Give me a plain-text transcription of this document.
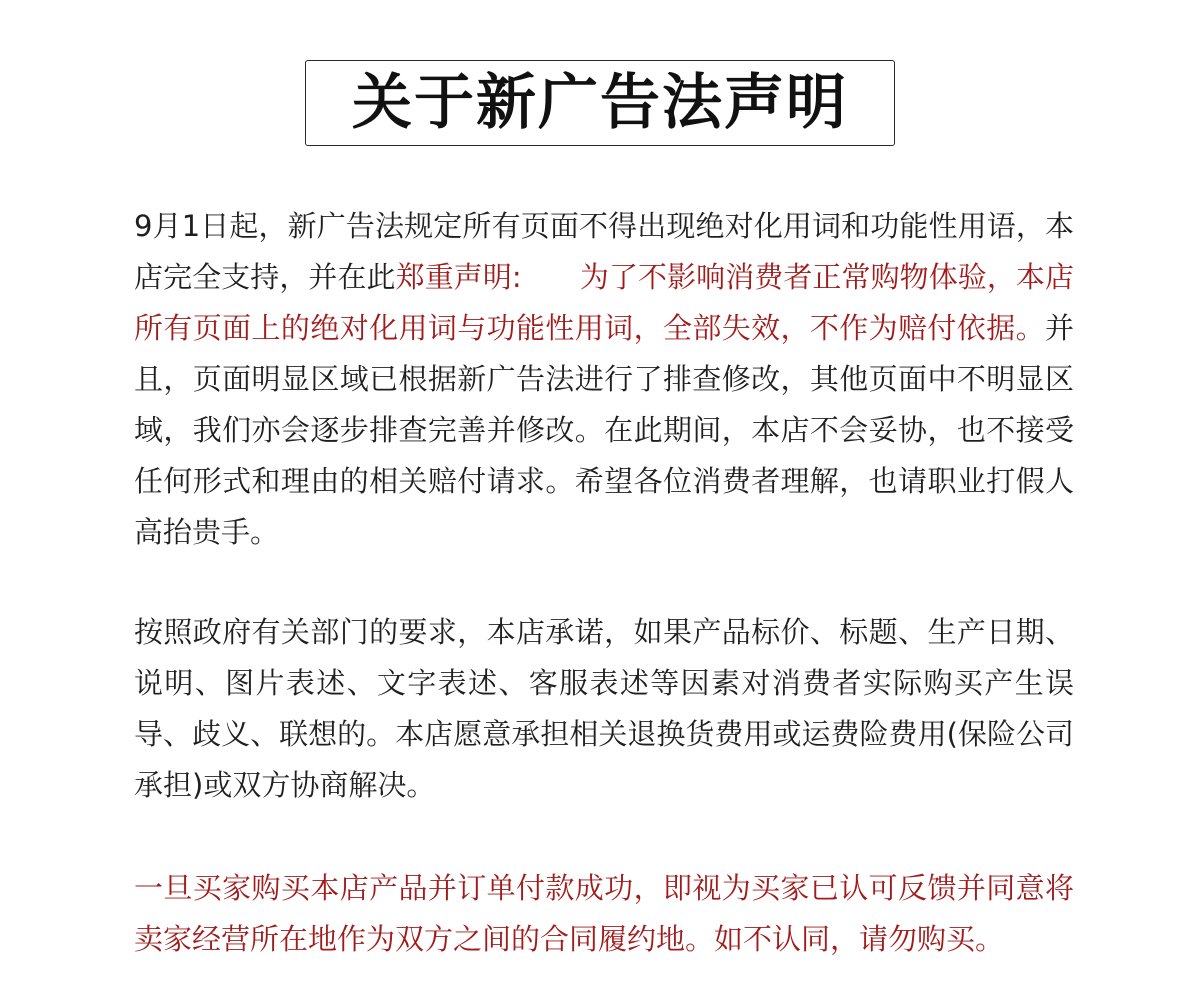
关于新广告法声明

9月1日起，新广告法规定所有页面不得出现绝对化用词和功能性用语，本店完全支持，并在此郑重声明:　　为了不影响消费者正常购物体验，本店所有页面上的绝对化用词与功能性用词，全部失效，不作为赔付依据。并且，页面明显区域已根据新广告法进行了排查修改，其他页面中不明显区域，我们亦会逐步排查完善并修改。在此期间，本店不会妥协，也不接受任何形式和理由的相关赔付请求。希望各位消费者理解，也请职业打假人高抬贵手。

按照政府有关部门的要求，本店承诺，如果产品标价、标题、生产日期、说明、图片表述、文字表述、客服表述等因素对消费者实际购买产生误导、歧义、联想的。本店愿意承担相关退换货费用或运费险费用(保险公司承担)或双方协商解决。

一旦买家购买本店产品并订单付款成功，即视为买家已认可反馈并同意将卖家经营所在地作为双方之间的合同履约地。如不认同，请勿购买。
